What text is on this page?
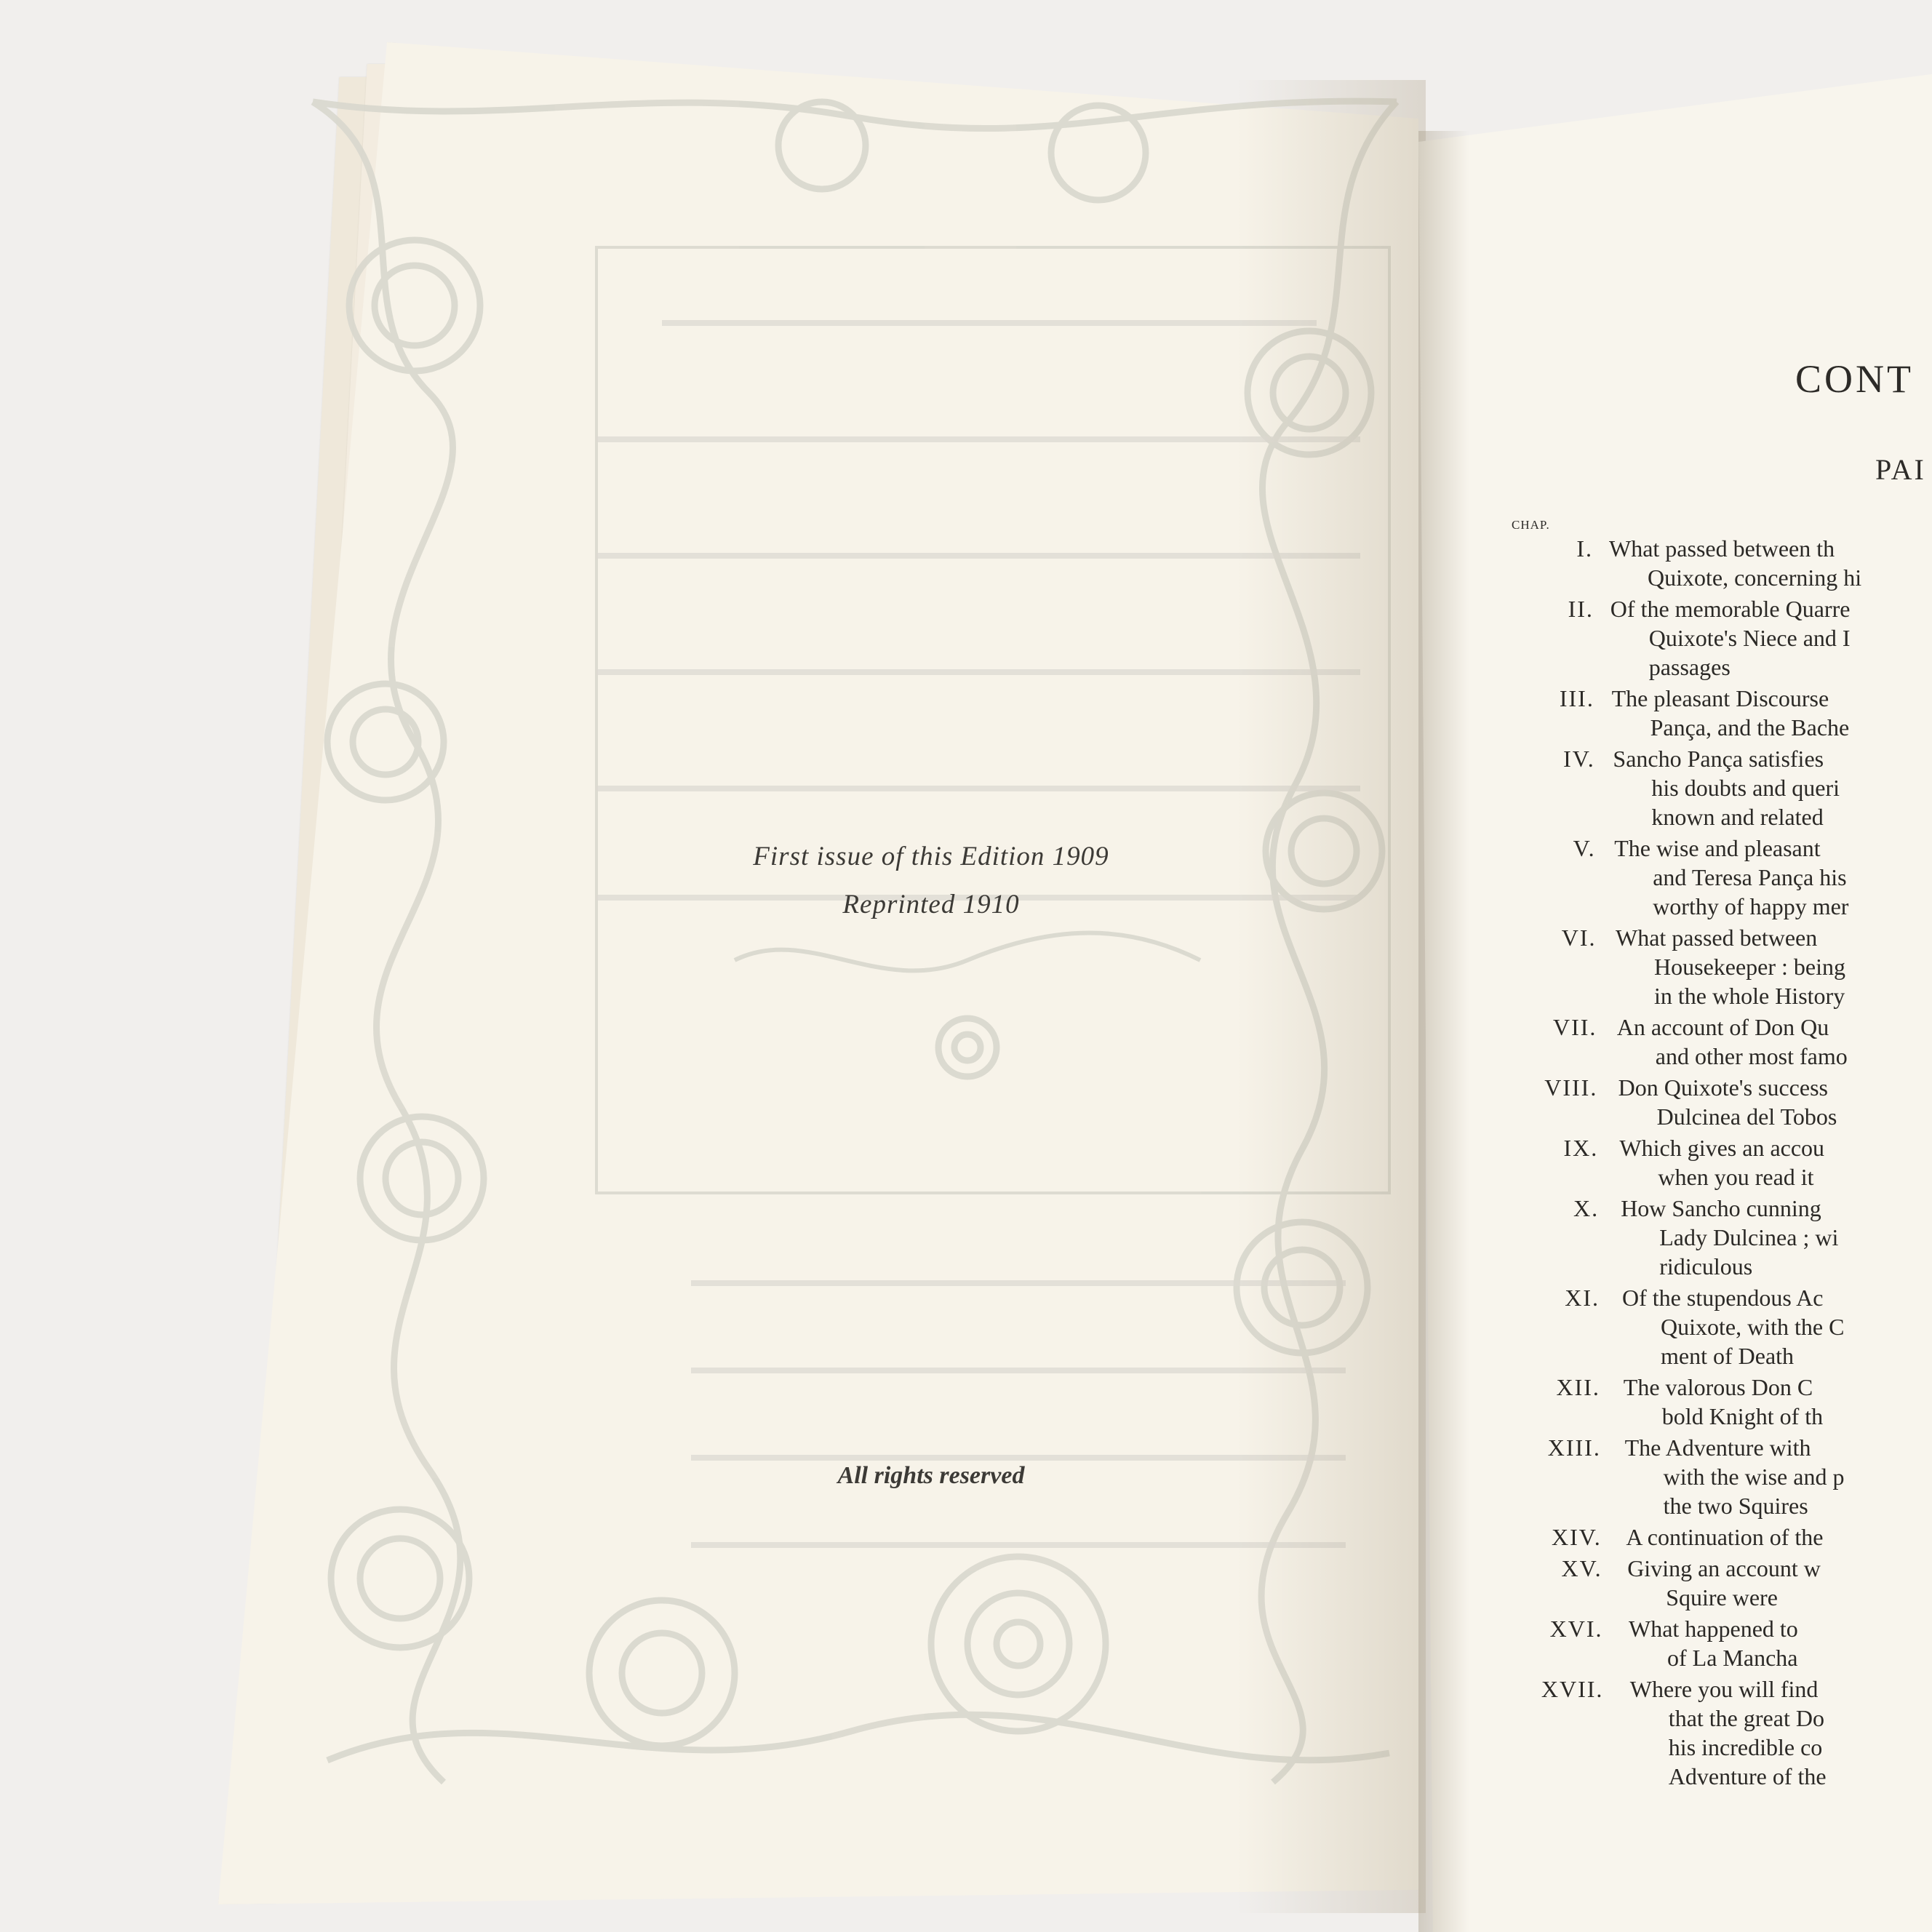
First issue of this Edition 1909
Reprinted 1910
All rights reserved
CONT
PAI
CHAP.
I. What passed between th
Quixote, concerning hi
II. Of the memorable Quarre
Quixote's Niece and I
passages
III. The pleasant Discourse
Pança, and the Bache
IV. Sancho Pança satisfies
his doubts and queri
known and related
V. The wise and pleasant
and Teresa Pança his
worthy of happy mer
VI. What passed between
Housekeeper : being
in the whole History
VII. An account of Don Qu
and other most famo
VIII. Don Quixote's success
Dulcinea del Tobos
IX. Which gives an accou
when you read it
X. How Sancho cunning
Lady Dulcinea ; wi
ridiculous
XI. Of the stupendous Ac
Quixote, with the C
ment of Death
XII. The valorous Don C
bold Knight of th
XIII. The Adventure with
with the wise and p
the two Squires
XIV. A continuation of the
XV. Giving an account w
Squire were
XVI. What happened to
of La Mancha
XVII. Where you will find
that the great Do
his incredible co
Adventure of the
